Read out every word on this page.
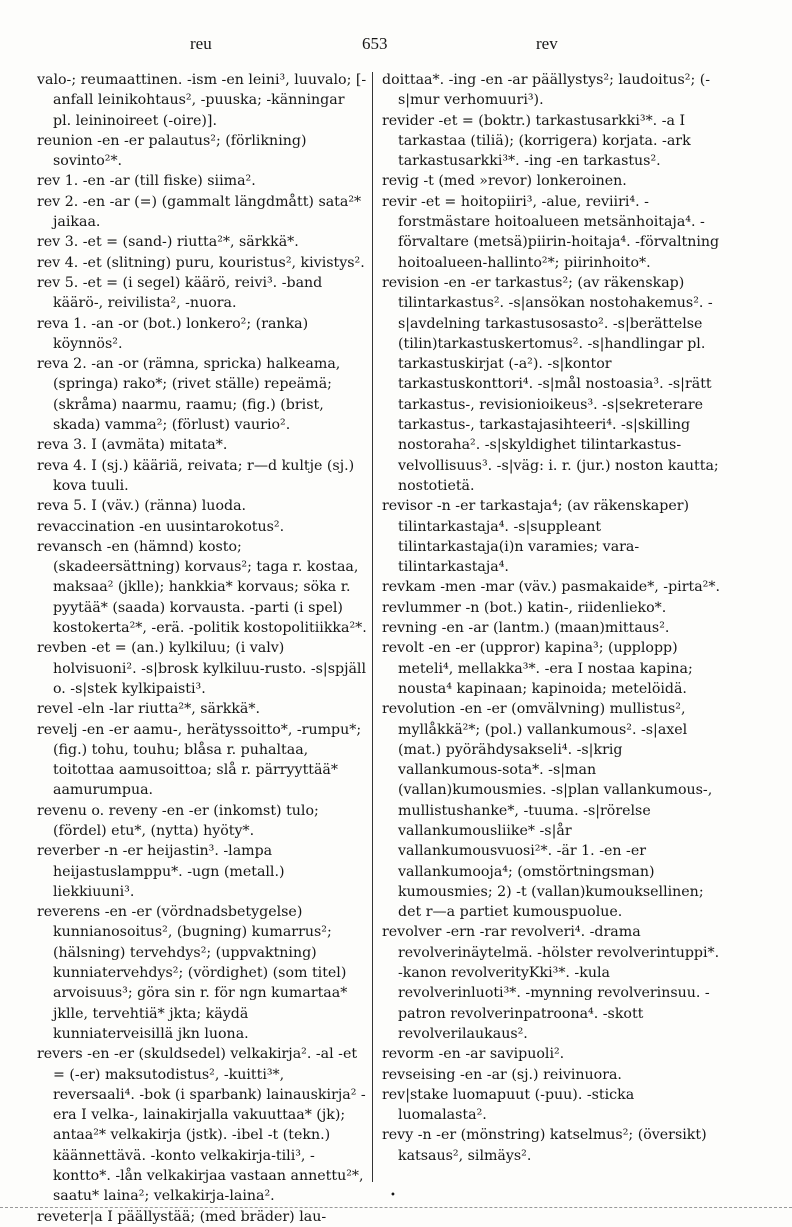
reu	653	rev

valo-; reumaattinen. -ism -en leini³, luuvalo; [-anfall leinikohtaus², -puuska; -känningar pl. leininoireet (-oire)].

reunion -en -er palautus²; (förlikning) sovinto²*.

rev 1. -en -ar (till fiske) siima².

rev 2. -en -ar (=) (gammalt längdmått) sata²* jaikaa.

rev 3. -et = (sand-) riutta²*, särkkä*.

rev 4. -et (slitning) puru, kouristus², kivistys².

rev 5. -et = (i segel) käärö, reivi³. -band käärö-, reivilista², -nuora.

reva 1. -an -or (bot.) lonkero²; (ranka) köynnös².

reva 2. -an -or (rämna, spricka) halkeama, (springa) rako*; (rivet ställe) repeämä; (skråma) naarmu, raamu; (fig.) (brist, skada) vamma²; (förlust) vaurio².

reva 3. I (avmäta) mitata*.

reva 4. I (sj.) kääriä, reivata; r—d kultje (sj.) kova tuuli.

reva 5. I (väv.) (ränna) luoda.

revaccination -en uusintarokotus².

revansch -en (hämnd) kosto; (skadeersättning) korvaus²; taga r. kostaa, maksaa² (jklle); hankkia* korvaus; söka r. pyytää* (saada) korvausta. -parti (i spel) kostokerta²*, -erä. -politik kostopolitiikka²*.

revben -et = (an.) kylkiluu; (i valv) holvisuoni². -s|brosk kylkiluu-rusto. -s|spjäll o. -s|stek kylkipaisti³.

revel -eln -lar riutta²*, särkkä*.

revelj -en -er aamu-, herätyssoitto*, -rumpu*; (fig.) tohu, touhu; blåsa r. puhaltaa, toitottaa aamusoittoa; slå r. pärryyttää* aamurumpua.

revenu o. reveny -en -er (inkomst) tulo; (fördel) etu*, (nytta) hyöty*.

reverber -n -er heijastin³. -lampa heijastuslamppu*. -ugn (metall.) liekkiuuni³.

reverens -en -er (vördnadsbetygelse) kunnianosoitus², (bugning) kumarrus²; (hälsning) tervehdys²; (uppvaktning) kunniatervehdys²; (vördighet) (som titel) arvoisuus³; göra sin r. för ngn kumartaa* jklle, tervehtiä* jkta; käydä kunniaterveisillä jkn luona.

revers -en -er (skuldsedel) velkakirja². -al -et = (-er) maksutodistus², -kuitti³*, reversaali⁴. -bok (i sparbank) lainauskirja² -era I velka-, lainakirjalla vakuuttaa* (jk); antaa²* velkakirja (jstk). -ibel -t (tekn.) käännettävä. -konto velkakirja-tili³, -kontto*. -lån velkakirjaa vastaan annettu²*, saatu* laina²; velkakirja-laina².

reveter|a I päällystää; (med bräder) lau-

doittaa*. -ing -en -ar päällystys²; laudoitus²; (-s|mur verhomuuri³).

revider -et = (boktr.) tarkastusarkki³*. -a I tarkastaa (tiliä); (korrigera) korjata. -ark tarkastusarkki³*. -ing -en tarkastus².

revig -t (med »revor) lonkeroinen.

revir -et = hoitopiiri³, -alue, reviiri⁴. -forstmästare hoitoalueen metsänhoitaja⁴. -förvaltare (metsä)piirin-hoitaja⁴. -förvaltning hoitoalueen-hallinto²*; piirinhoito*.

revision -en -er tarkastus²; (av räkenskap) tilintarkastus². -s|ansökan nostohakemus². -s|avdelning tarkastusosasto². -s|berättelse (tilin)tarkastuskertomus². -s|handlingar pl. tarkastuskirjat (-a²). -s|kontor tarkastuskonttori⁴. -s|mål nostoasia³. -s|rätt tarkastus-, revisionioikeus³. -s|sekreterare tarkastus-, tarkastajasihteeri⁴. -s|skilling nostoraha². -s|skyldighet tilintarkastus-velvollisuus³. -s|väg: i. r. (jur.) noston kautta; nostotietä.

revisor -n -er tarkastaja⁴; (av räkenskaper) tilintarkastaja⁴. -s|suppleant tilintarkastaja(i)n varamies; vara-tilintarkastaja⁴.

revkam -men -mar (väv.) pasmakaide*, -pirta²*.

revlummer -n (bot.) katin-, riidenlieko*.

revning -en -ar (lantm.) (maan)mittaus².

revolt -en -er (uppror) kapina³; (upplopp) meteli⁴, mellakka³*. -era I nostaa kapina; nousta⁴ kapinaan; kapinoida; metelöidä.

revolution -en -er (omvälvning) mullistus², myllåkkä²*; (pol.) vallankumous². -s|axel (mat.) pyörähdysakseli⁴. -s|krig vallankumous-sota*. -s|man (vallan)kumousmies. -s|plan vallankumous-, mullistushanke*, -tuuma. -s|rörelse vallankumousliike* -s|år vallankumousvuosi²*. -är 1. -en -er vallankumooja⁴; (omstörtningsman) kumousmies; 2) -t (vallan)kumouksellinen; det r—a partiet kumouspuolue.

revolver -ern -rar revolveri⁴. -drama revolverinäytelmä. -hölster revolverintuppi*. -kanon revolverityKki³*. -kula revolverinluoti³*. -mynning revolverinsuu. -patron revolverinpatroona⁴. -skott revolverilaukaus².

revorm -en -ar savipuoli².

revseising -en -ar (sj.) reivinuora.

rev|stake luomapuut (-puu). -sticka luomalasta².

revy -n -er (mönstring) katselmus²; (översikt) katsaus², silmäys².

•
